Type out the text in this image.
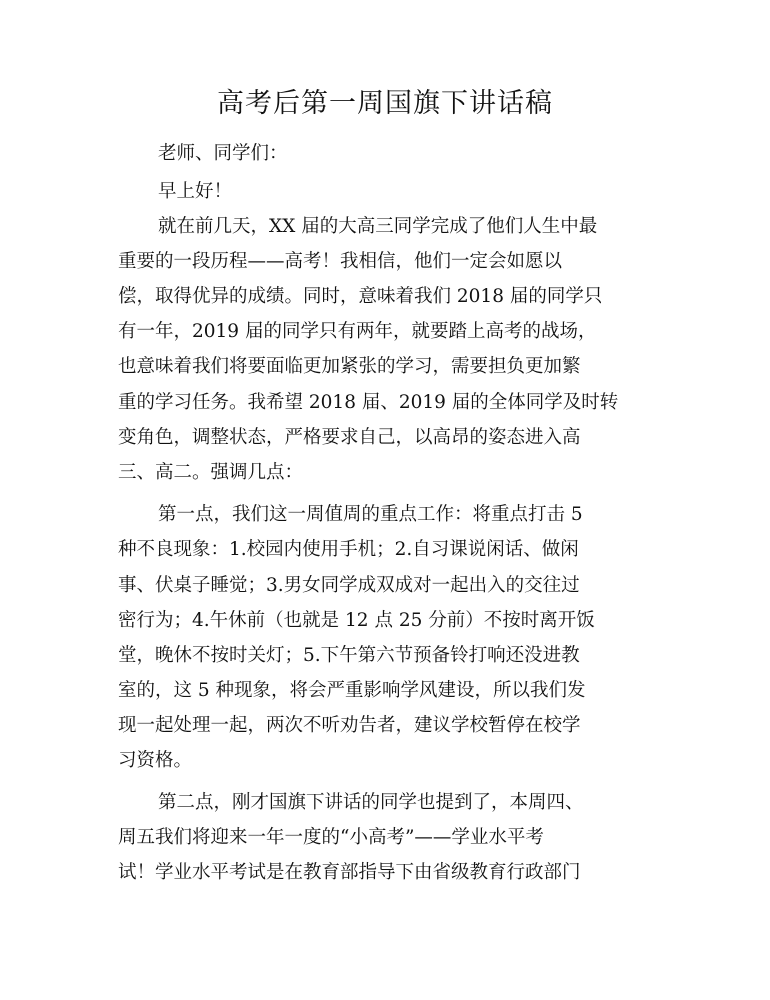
高考后第一周国旗下讲话稿

老师、同学们：

早上好！

就在前几天，XX 届的大高三同学完成了他们人生中最

重要的一段历程——高考！我相信，他们一定会如愿以

偿，取得优异的成绩。同时，意味着我们 2018 届的同学只

有一年，2019 届的同学只有两年，就要踏上高考的战场，

也意味着我们将要面临更加紧张的学习，需要担负更加繁

重的学习任务。我希望 2018 届、2019 届的全体同学及时转

变角色，调整状态，严格要求自己，以高昂的姿态进入高

三、高二。强调几点：

第一点，我们这一周值周的重点工作：将重点打击 5

种不良现象：1.校园内使用手机；2.自习课说闲话、做闲

事、伏桌子睡觉；3.男女同学成双成对一起出入的交往过

密行为；4.午休前（也就是 12 点 25 分前）不按时离开饭

堂，晚休不按时关灯；5.下午第六节预备铃打响还没进教

室的，这 5 种现象，将会严重影响学风建设，所以我们发

现一起处理一起，两次不听劝告者，建议学校暂停在校学

习资格。

第二点，刚才国旗下讲话的同学也提到了，本周四、

周五我们将迎来一年一度的“小高考”——学业水平考

试！学业水平考试是在教育部指导下由省级教育行政部门
